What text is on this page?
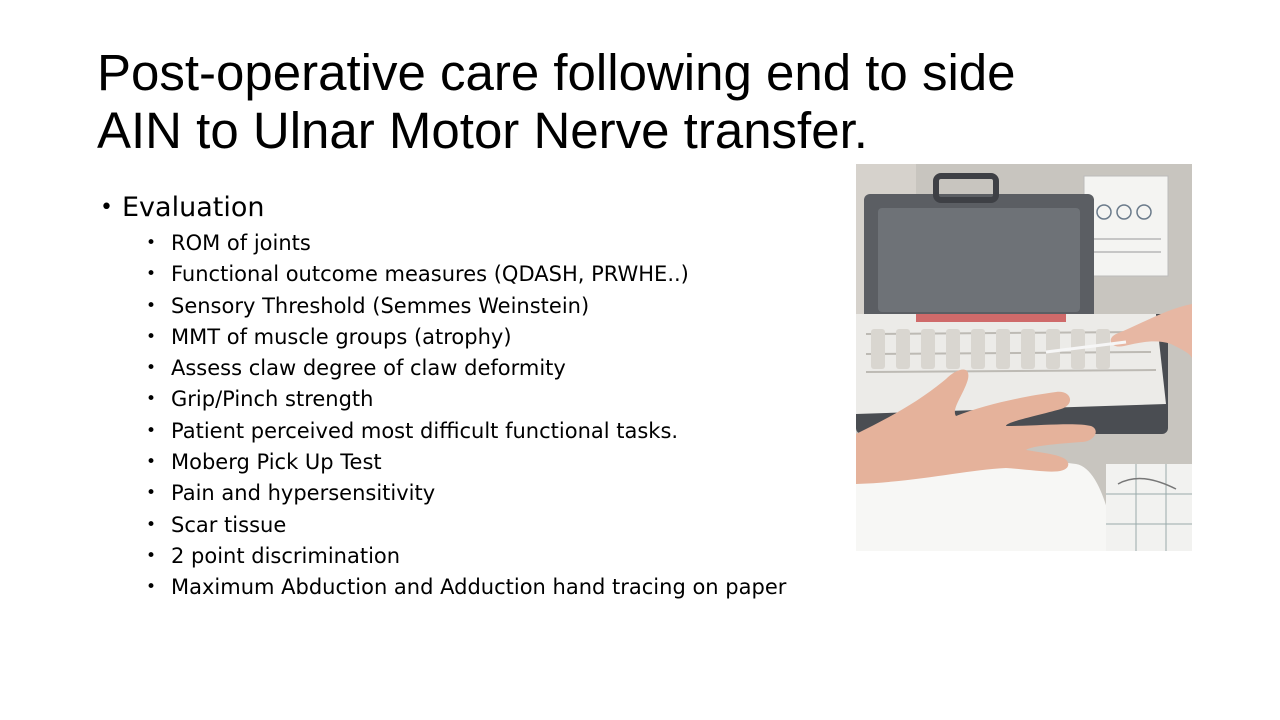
Post-operative care following end to side
AIN to Ulnar Motor Nerve transfer.
• Evaluation
• ROM of joints
• Functional outcome measures (QDASH, PRWHE..)
• Sensory Threshold (Semmes Weinstein)
• MMT of muscle groups (atrophy)
• Assess claw degree of claw deformity
• Grip/Pinch strength
• Patient perceived most difficult functional tasks.
• Moberg Pick Up Test
• Pain and hypersensitivity
• Scar tissue
• 2 point discrimination
• Maximum Abduction and Adduction hand tracing on paper
